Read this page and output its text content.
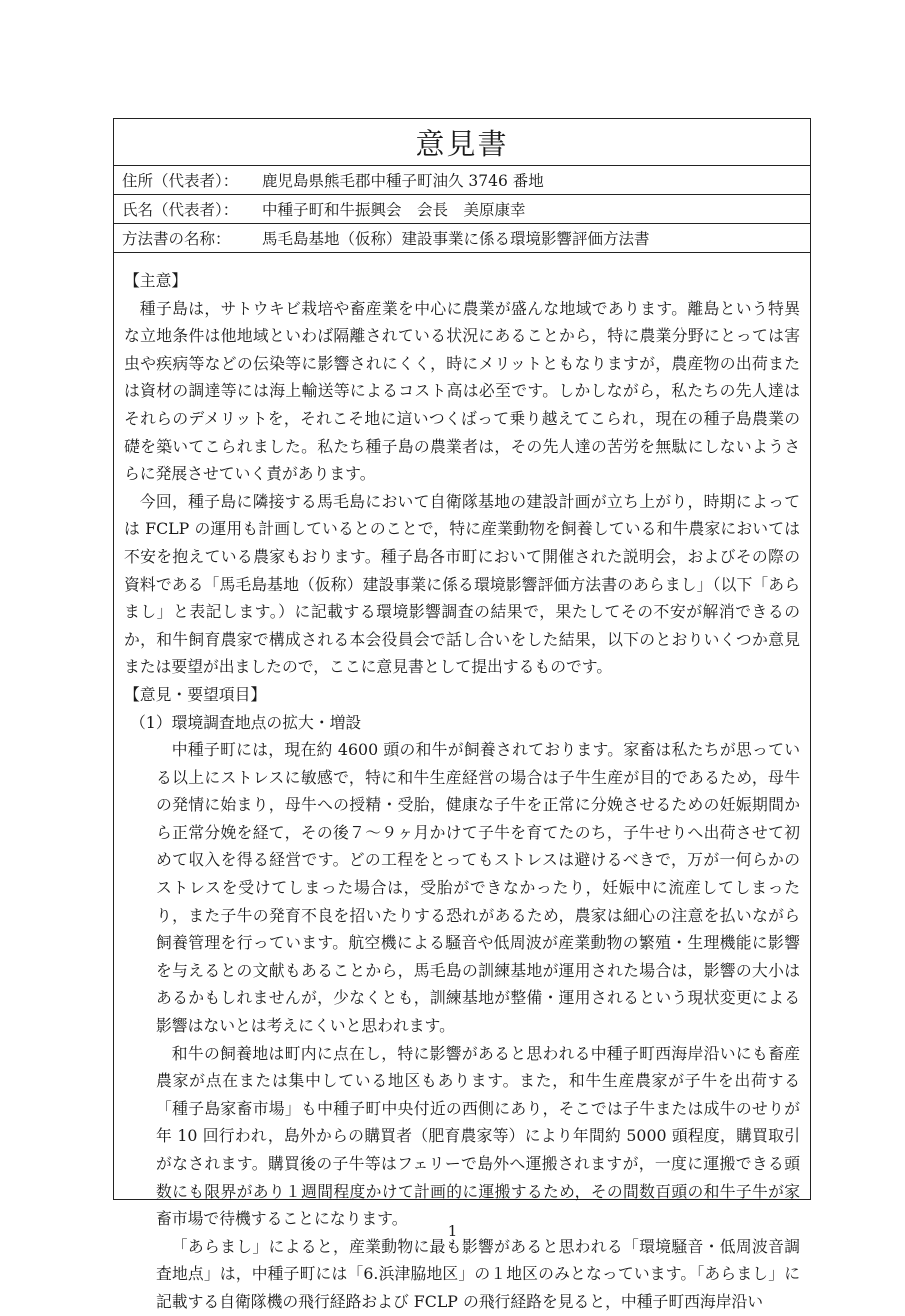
意見書
住所（代表者）：	鹿児島県熊毛郡中種子町油久 3746 番地
氏名（代表者）：	中種子町和牛振興会　会長　美原康幸
方法書の名称：	馬毛島基地（仮称）建設事業に係る環境影響評価方法書

【主意】

種子島は，サトウキビ栽培や畜産業を中心に農業が盛んな地域であります。離島という特異な立地条件は他地域といわば隔離されている状況にあることから，特に農業分野にとっては害虫や疾病等などの伝染等に影響されにくく，時にメリットともなりますが，農産物の出荷または資材の調達等には海上輸送等によるコスト高は必至です。しかしながら，私たちの先人達はそれらのデメリットを，それこそ地に這いつくばって乗り越えてこられ，現在の種子島農業の礎を築いてこられました。私たち種子島の農業者は，その先人達の苦労を無駄にしないようさらに発展させていく責があります。

今回，種子島に隣接する馬毛島において自衛隊基地の建設計画が立ち上がり，時期によっては FCLP の運用も計画しているとのことで，特に産業動物を飼養している和牛農家においては不安を抱えている農家もおります。種子島各市町において開催された説明会，およびその際の資料である「馬毛島基地（仮称）建設事業に係る環境影響評価方法書のあらまし」（以下「あらまし」と表記します。）に記載する環境影響調査の結果で，果たしてその不安が解消できるのか，和牛飼育農家で構成される本会役員会で話し合いをした結果，以下のとおりいくつか意見または要望が出ましたので，ここに意見書として提出するものです。

【意見・要望項目】

（1）環境調査地点の拡大・増設

中種子町には，現在約 4600 頭の和牛が飼養されております。家畜は私たちが思っている以上にストレスに敏感で，特に和牛生産経営の場合は子牛生産が目的であるため，母牛の発情に始まり，母牛への授精・受胎，健康な子牛を正常に分娩させるための妊娠期間から正常分娩を経て，その後７～９ヶ月かけて子牛を育てたのち，子牛せりへ出荷させて初めて収入を得る経営です。どの工程をとってもストレスは避けるべきで，万が一何らかのストレスを受けてしまった場合は，受胎ができなかったり，妊娠中に流産してしまったり，また子牛の発育不良を招いたりする恐れがあるため，農家は細心の注意を払いながら飼養管理を行っています。航空機による騒音や低周波が産業動物の繁殖・生理機能に影響を与えるとの文献もあることから，馬毛島の訓練基地が運用された場合は，影響の大小はあるかもしれませんが，少なくとも，訓練基地が整備・運用されるという現状変更による影響はないとは考えにくいと思われます。

和牛の飼養地は町内に点在し，特に影響があると思われる中種子町西海岸沿いにも畜産農家が点在または集中している地区もあります。また，和牛生産農家が子牛を出荷する「種子島家畜市場」も中種子町中央付近の西側にあり，そこでは子牛または成牛のせりが年 10 回行われ，島外からの購買者（肥育農家等）により年間約 5000 頭程度，購買取引がなされます。購買後の子牛等はフェリーで島外へ運搬されますが，一度に運搬できる頭数にも限界があり１週間程度かけて計画的に運搬するため，その間数百頭の和牛子牛が家畜市場で待機することになります。

「あらまし」によると，産業動物に最も影響があると思われる「環境騒音・低周波音調査地点」は，中種子町には「6.浜津脇地区」の１地区のみとなっています。「あらまし」に記載する自衛隊機の飛行経路および FCLP の飛行経路を見ると，中種子町西海岸沿い

1
